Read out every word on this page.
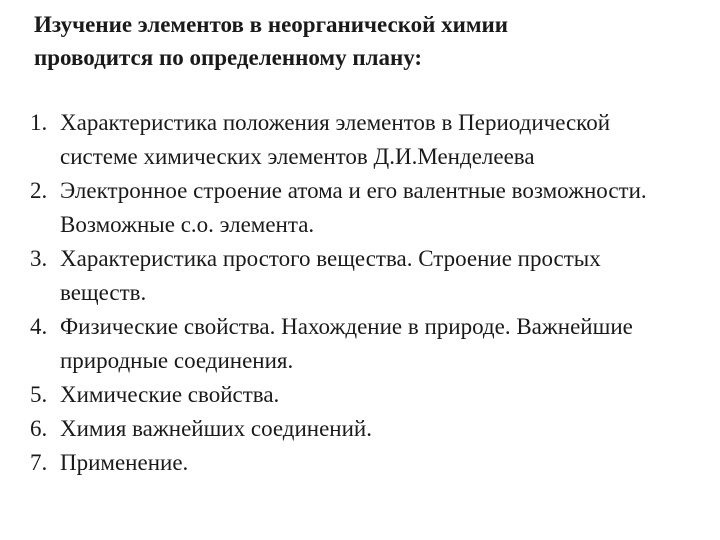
Изучение элементов в неорганической химии
проводится по определенному плану:
1. Характеристика положения элементов в Периодической системе химических элементов Д.И.Менделеева
2. Электронное строение атома и его валентные возможности. Возможные с.о. элемента.
3. Характеристика простого вещества. Строение простых веществ.
4. Физические свойства. Нахождение в природе. Важнейшие природные соединения.
5. Химические свойства.
6. Химия важнейших соединений.
7. Применение.
